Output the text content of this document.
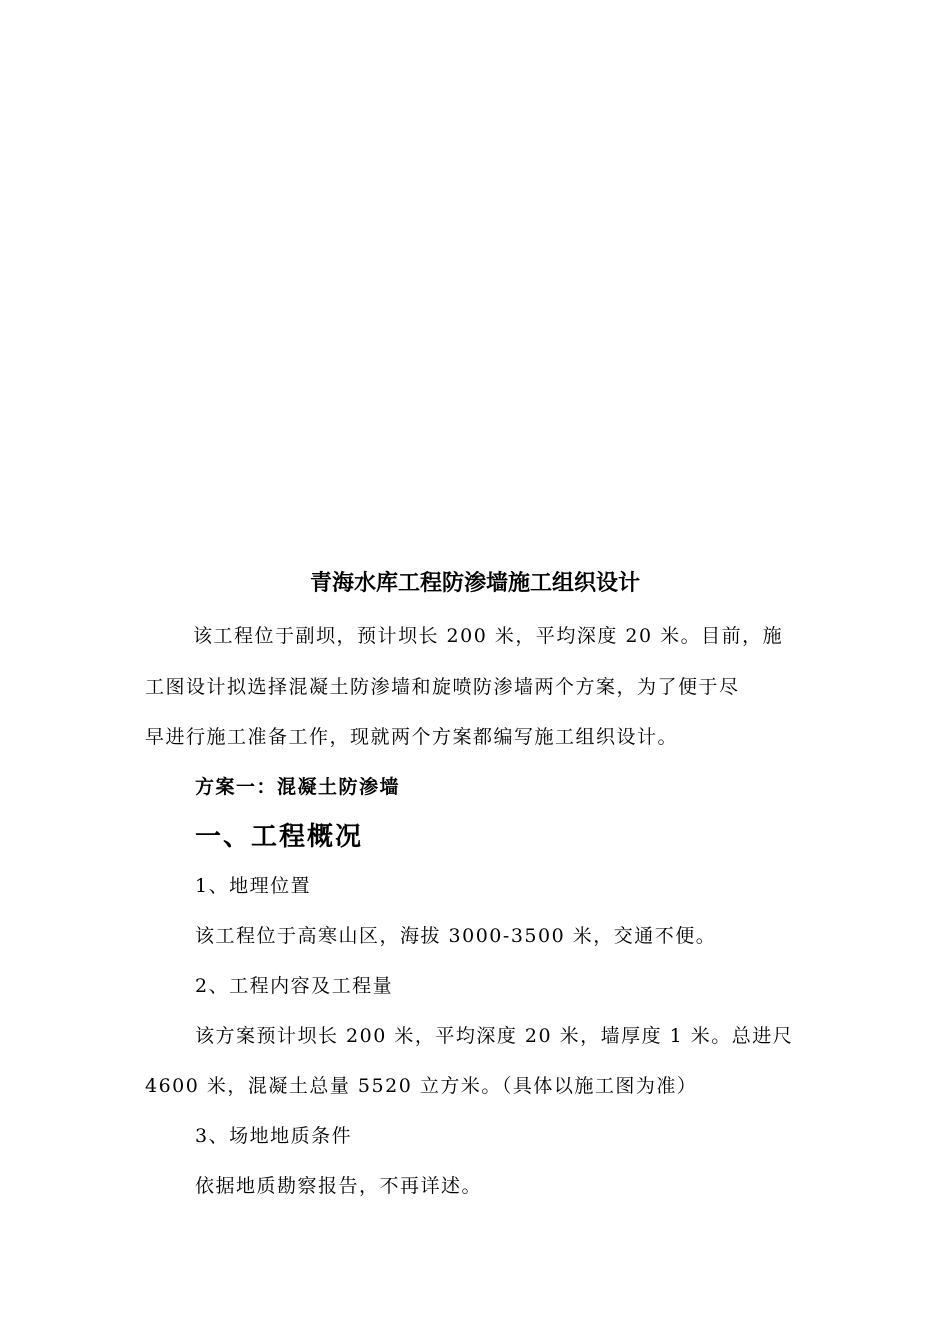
青海水库工程防渗墙施工组织设计
该工程位于副坝，预计坝长 200 米，平均深度 20 米。目前，施
工图设计拟选择混凝土防渗墙和旋喷防渗墙两个方案，为了便于尽
早进行施工准备工作，现就两个方案都编写施工组织设计。
方案一：混凝土防渗墙
一、工程概况
1、地理位置
该工程位于高寒山区，海拔 3000-3500 米，交通不便。
2、工程内容及工程量
该方案预计坝长 200 米，平均深度 20 米，墙厚度 1 米。总进尺
4600 米，混凝土总量 5520 立方米。（具体以施工图为准）
3、场地地质条件
依据地质勘察报告，不再详述。
